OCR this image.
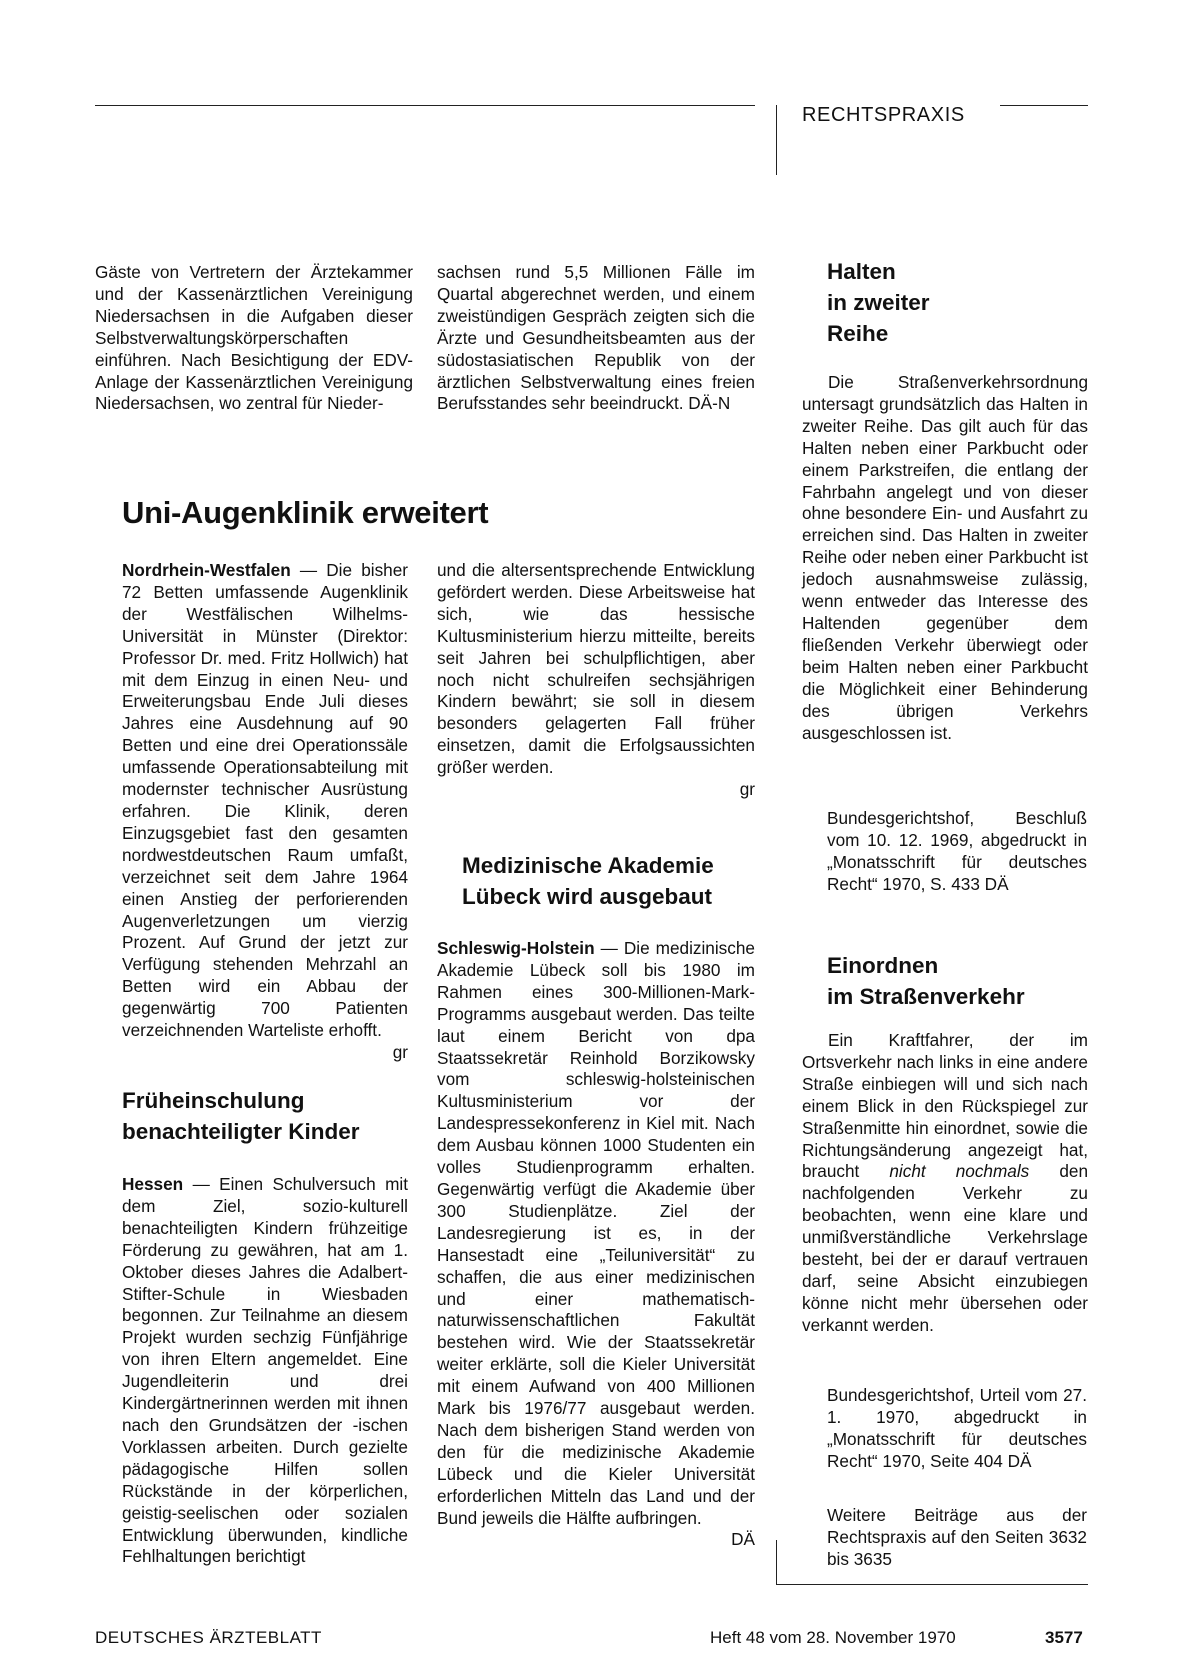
RECHTSPRAXIS
Gäste von Vertretern der Ärztekammer und der Kassenärztlichen Vereinigung Niedersachsen in die Aufgaben dieser Selbstverwaltungskörperschaften einführen. Nach Besichtigung der EDV-Anlage der Kassenärztlichen Vereinigung Niedersachsen, wo zentral für Nieder-
sachsen rund 5,5 Millionen Fälle im Quartal abgerechnet werden, und einem zweistündigen Gespräch zeigten sich die Ärzte und Gesundheitsbeamten aus der südostasiatischen Republik von der ärztlichen Selbstverwaltung eines freien Berufsstandes sehr beeindruckt. DÄ-N
Uni-Augenklinik erweitert
Nordrhein-Westfalen — Die bisher 72 Betten umfassende Augenklinik der Westfälischen Wilhelms-Universität in Münster (Direktor: Professor Dr. med. Fritz Hollwich) hat mit dem Einzug in einen Neu- und Erweiterungsbau Ende Juli dieses Jahres eine Ausdehnung auf 90 Betten und eine drei Operationssäle umfassende Operationsabteilung mit modernster technischer Ausrüstung erfahren. Die Klinik, deren Einzugsgebiet fast den gesamten nordwestdeutschen Raum umfaßt, verzeichnet seit dem Jahre 1964 einen Anstieg der perforierenden Augenverletzungen um vierzig Prozent. Auf Grund der jetzt zur Verfügung stehenden Mehrzahl an Betten wird ein Abbau der gegenwärtig 700 Patienten verzeichnenden Warteliste erhofft.
gr
Früheinschulung
benachteiligter Kinder
Hessen — Einen Schulversuch mit dem Ziel, sozio-kulturell benachteiligten Kindern frühzeitige Förderung zu gewähren, hat am 1. Oktober dieses Jahres die Adalbert-Stifter-Schule in Wiesbaden begonnen. Zur Teilnahme an diesem Projekt wurden sechzig Fünfjährige von ihren Eltern angemeldet. Eine Jugendleiterin und drei Kindergärtnerinnen werden mit ihnen nach den Grundsätzen der -ischen Vorklassen arbeiten. Durch gezielte pädagogische Hilfen sollen Rückstände in der körperlichen, geistig-seelischen oder sozialen Entwicklung überwunden, kindliche Fehlhaltungen berichtigt
und die altersentsprechende Entwicklung gefördert werden. Diese Arbeitsweise hat sich, wie das hessische Kultusministerium hierzu mitteilte, bereits seit Jahren bei schulpflichtigen, aber noch nicht schulreifen sechsjährigen Kindern bewährt; sie soll in diesem besonders gelagerten Fall früher einsetzen, damit die Erfolgsaussichten größer werden.
gr
Medizinische Akademie
Lübeck wird ausgebaut
Schleswig-Holstein — Die medizinische Akademie Lübeck soll bis 1980 im Rahmen eines 300-Millionen-Mark-Programms ausgebaut werden. Das teilte laut einem Bericht von dpa Staatssekretär Reinhold Borzikowsky vom schleswig-holsteinischen Kultusministerium vor der Landespressekonferenz in Kiel mit. Nach dem Ausbau können 1000 Studenten ein volles Studienprogramm erhalten. Gegenwärtig verfügt die Akademie über 300 Studienplätze. Ziel der Landesregierung ist es, in der Hansestadt eine „Teiluniversität“ zu schaffen, die aus einer medizinischen und einer mathematisch-naturwissenschaftlichen Fakultät bestehen wird. Wie der Staatssekretär weiter erklärte, soll die Kieler Universität mit einem Aufwand von 400 Millionen Mark bis 1976/77 ausgebaut werden. Nach dem bisherigen Stand werden von den für die medizinische Akademie Lübeck und die Kieler Universität erforderlichen Mitteln das Land und der Bund jeweils die Hälfte aufbringen.
DÄ
Halten
in zweiter
Reihe
Die Straßenverkehrsordnung untersagt grundsätzlich das Halten in zweiter Reihe. Das gilt auch für das Halten neben einer Parkbucht oder einem Parkstreifen, die entlang der Fahrbahn angelegt und von dieser ohne besondere Ein- und Ausfahrt zu erreichen sind. Das Halten in zweiter Reihe oder neben einer Parkbucht ist jedoch ausnahmsweise zulässig, wenn entweder das Interesse des Haltenden gegenüber dem fließenden Verkehr überwiegt oder beim Halten neben einer Parkbucht die Möglichkeit einer Behinderung des übrigen Verkehrs ausgeschlossen ist.
Bundesgerichtshof, Beschluß vom 10. 12. 1969, abgedruckt in „Monatsschrift für deutsches Recht“ 1970, S. 433 DÄ
Einordnen
im Straßenverkehr
Ein Kraftfahrer, der im Ortsverkehr nach links in eine andere Straße einbiegen will und sich nach einem Blick in den Rückspiegel zur Straßenmitte hin einordnet, sowie die Richtungsänderung angezeigt hat, braucht nicht nochmals den nachfolgenden Verkehr zu beobachten, wenn eine klare und unmißverständliche Verkehrslage besteht, bei der er darauf vertrauen darf, seine Absicht einzubiegen könne nicht mehr übersehen oder verkannt werden.
Bundesgerichtshof, Urteil vom 27. 1. 1970, abgedruckt in „Monatsschrift für deutsches Recht“ 1970, Seite 404 DÄ
Weitere Beiträge aus der Rechtspraxis auf den Seiten 3632 bis 3635
DEUTSCHES ÄRZTEBLATT	Heft 48 vom 28. November 1970	3577
